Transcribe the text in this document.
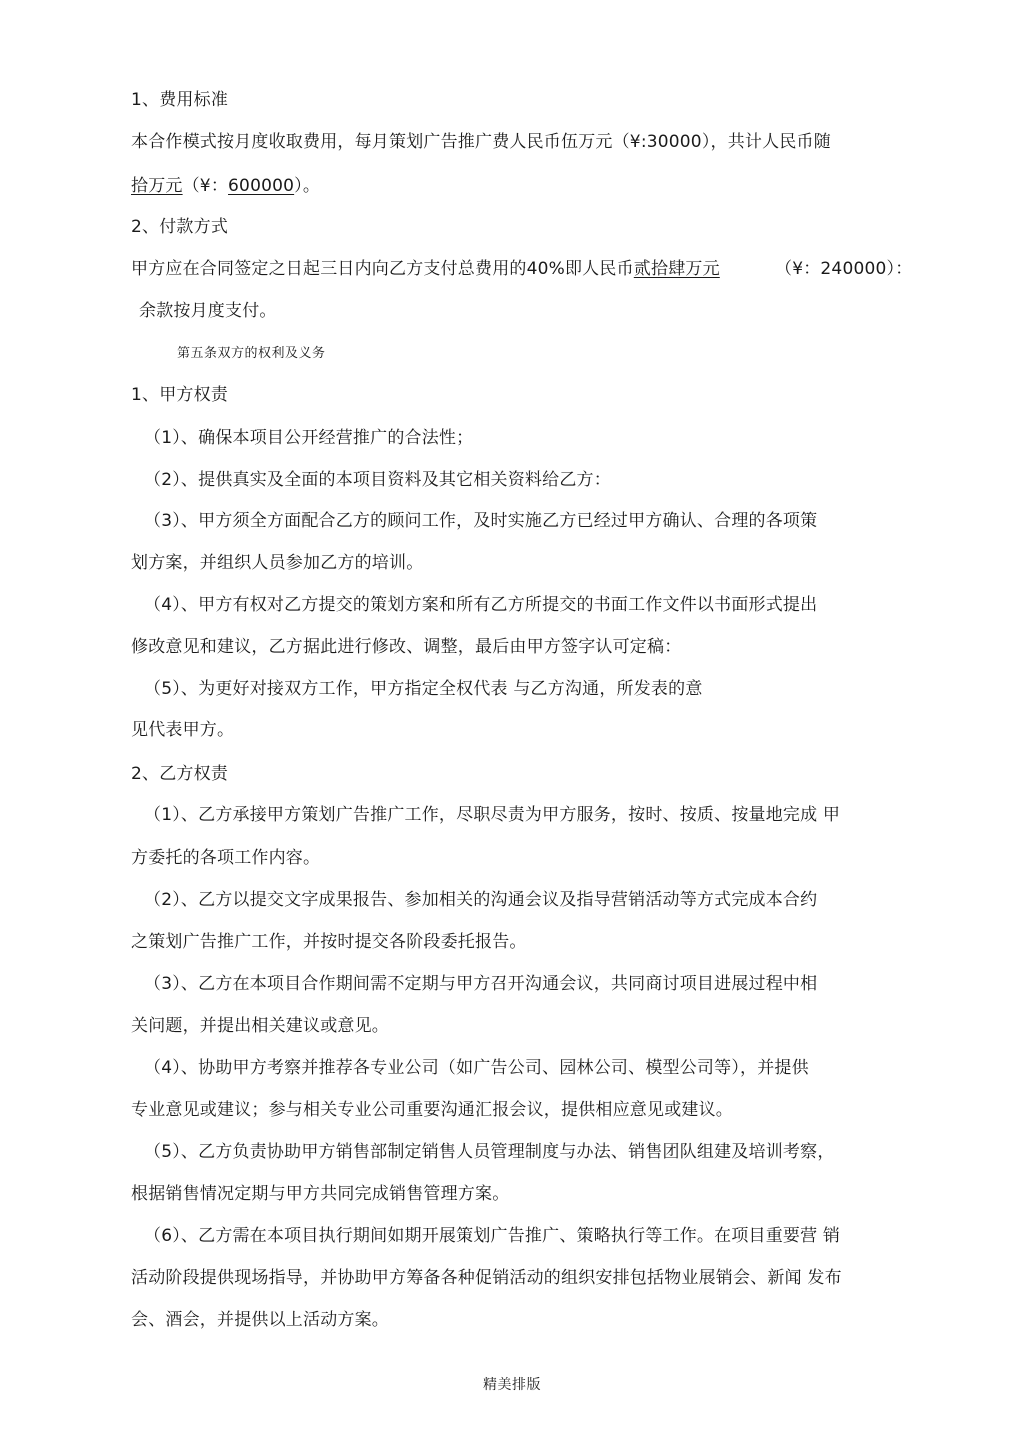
1、费用标准
本合作模式按月度收取费用，每月策划广告推广费人民币伍万元（¥:30000），共计人民币随
拾万元（¥：600000）。
2、付款方式
甲方应在合同签定之日起三日内向乙方支付总费用的40%即人民币贰拾肆万元	（¥：240000）：
余款按月度支付。
第五条双方的权利及义务
1、甲方权责
（1）、确保本项目公开经营推广的合法性；
（2）、提供真实及全面的本项目资料及其它相关资料给乙方：
（3）、甲方须全方面配合乙方的顾问工作，及时实施乙方已经过甲方确认、合理的各项策
划方案，并组织人员参加乙方的培训。
（4）、甲方有权对乙方提交的策划方案和所有乙方所提交的书面工作文件以书面形式提出
修改意见和建议，乙方据此进行修改、调整，最后由甲方签字认可定稿：
（5）、为更好对接双方工作，甲方指定全权代表 与乙方沟通，所发表的意
见代表甲方。
2、乙方权责
（1）、乙方承接甲方策划广告推广工作，尽职尽责为甲方服务，按时、按质、按量地完成 甲
方委托的各项工作内容。
（2）、乙方以提交文字成果报告、参加相关的沟通会议及指导营销活动等方式完成本合约
之策划广告推广工作，并按时提交各阶段委托报告。
（3）、乙方在本项目合作期间需不定期与甲方召开沟通会议，共同商讨项目进展过程中相
关问题，并提出相关建议或意见。
（4）、协助甲方考察并推荐各专业公司（如广告公司、园林公司、模型公司等），并提供
专业意见或建议；参与相关专业公司重要沟通汇报会议，提供相应意见或建议。
（5）、乙方负责协助甲方销售部制定销售人员管理制度与办法、销售团队组建及培训考察，
根据销售情况定期与甲方共同完成销售管理方案。
（6）、乙方需在本项目执行期间如期开展策划广告推广、策略执行等工作。在项目重要营 销
活动阶段提供现场指导，并协助甲方筹备各种促销活动的组织安排包括物业展销会、新闻 发布
会、酒会，并提供以上活动方案。
精美排版
